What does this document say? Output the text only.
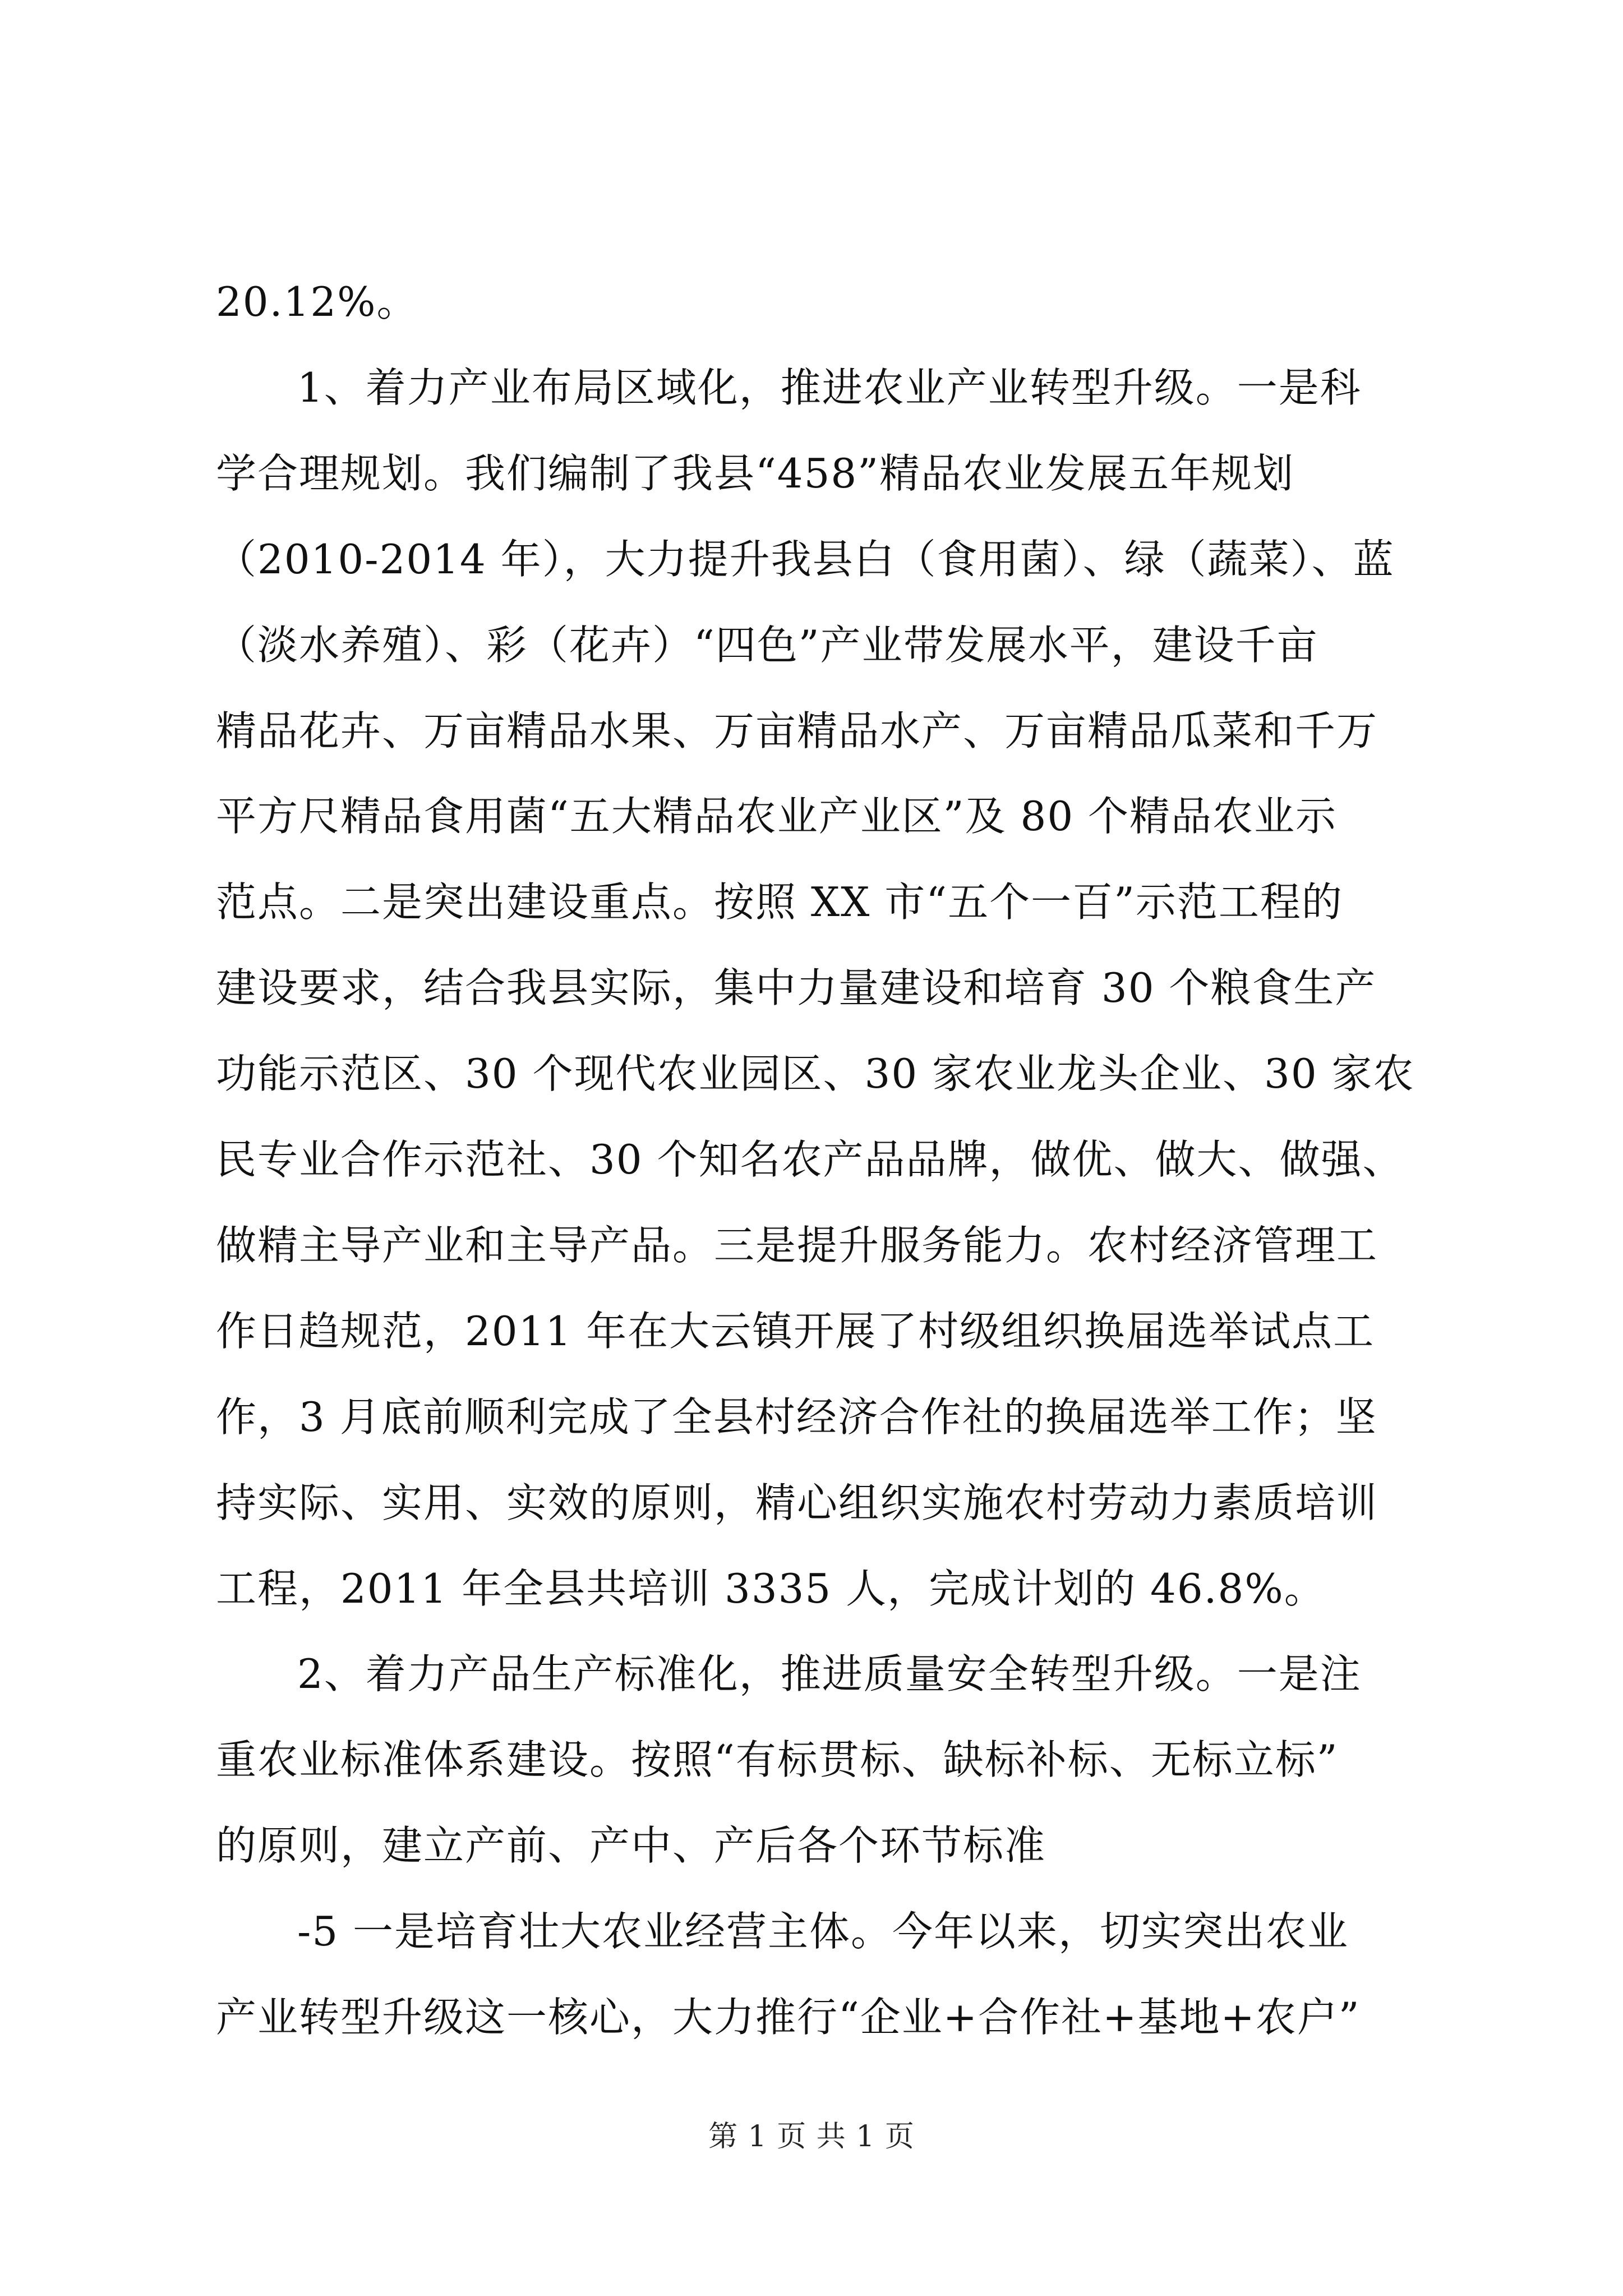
20.12%。
1、着力产业布局区域化，推进农业产业转型升级。一是科
学合理规划。我们编制了我县“458”精品农业发展五年规划
（2010-2014 年），大力提升我县白（食用菌）、绿（蔬菜）、蓝
（淡水养殖）、彩（花卉）“四色”产业带发展水平，建设千亩
精品花卉、万亩精品水果、万亩精品水产、万亩精品瓜菜和千万
平方尺精品食用菌“五大精品农业产业区”及 80 个精品农业示
范点。二是突出建设重点。按照 XX 市“五个一百”示范工程的
建设要求，结合我县实际，集中力量建设和培育 30 个粮食生产
功能示范区、30 个现代农业园区、30 家农业龙头企业、30 家农
民专业合作示范社、30 个知名农产品品牌，做优、做大、做强、
做精主导产业和主导产品。三是提升服务能力。农村经济管理工
作日趋规范，2011 年在大云镇开展了村级组织换届选举试点工
作，3 月底前顺利完成了全县村经济合作社的换届选举工作；坚
持实际、实用、实效的原则，精心组织实施农村劳动力素质培训
工程，2011 年全县共培训 3335 人，完成计划的 46.8%。
2、着力产品生产标准化，推进质量安全转型升级。一是注
重农业标准体系建设。按照“有标贯标、缺标补标、无标立标”
的原则，建立产前、产中、产后各个环节标准
-5 一是培育壮大农业经营主体。今年以来，切实突出农业
产业转型升级这一核心，大力推行“企业+合作社+基地+农户”
第 1 页 共 1 页
